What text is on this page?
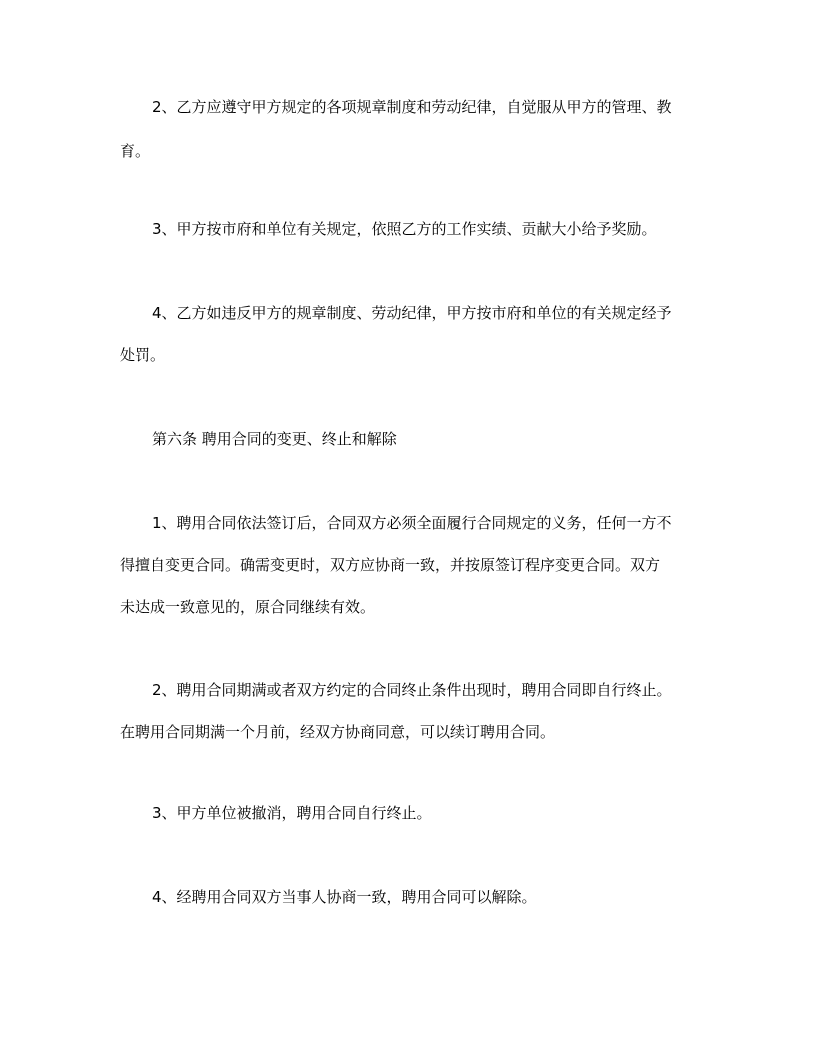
2、乙方应遵守甲方规定的各项规章制度和劳动纪律，自觉服从甲方的管理、教
育。
3、甲方按市府和单位有关规定，依照乙方的工作实绩、贡献大小给予奖励。
4、乙方如违反甲方的规章制度、劳动纪律，甲方按市府和单位的有关规定经予
处罚。
第六条 聘用合同的变更、终止和解除
1、聘用合同依法签订后，合同双方必须全面履行合同规定的义务，任何一方不
得擅自变更合同。确需变更时，双方应协商一致，并按原签订程序变更合同。双方
未达成一致意见的，原合同继续有效。
2、聘用合同期满或者双方约定的合同终止条件出现时，聘用合同即自行终止。
在聘用合同期满一个月前，经双方协商同意，可以续订聘用合同。
3、甲方单位被撤消，聘用合同自行终止。
4、经聘用合同双方当事人协商一致，聘用合同可以解除。
